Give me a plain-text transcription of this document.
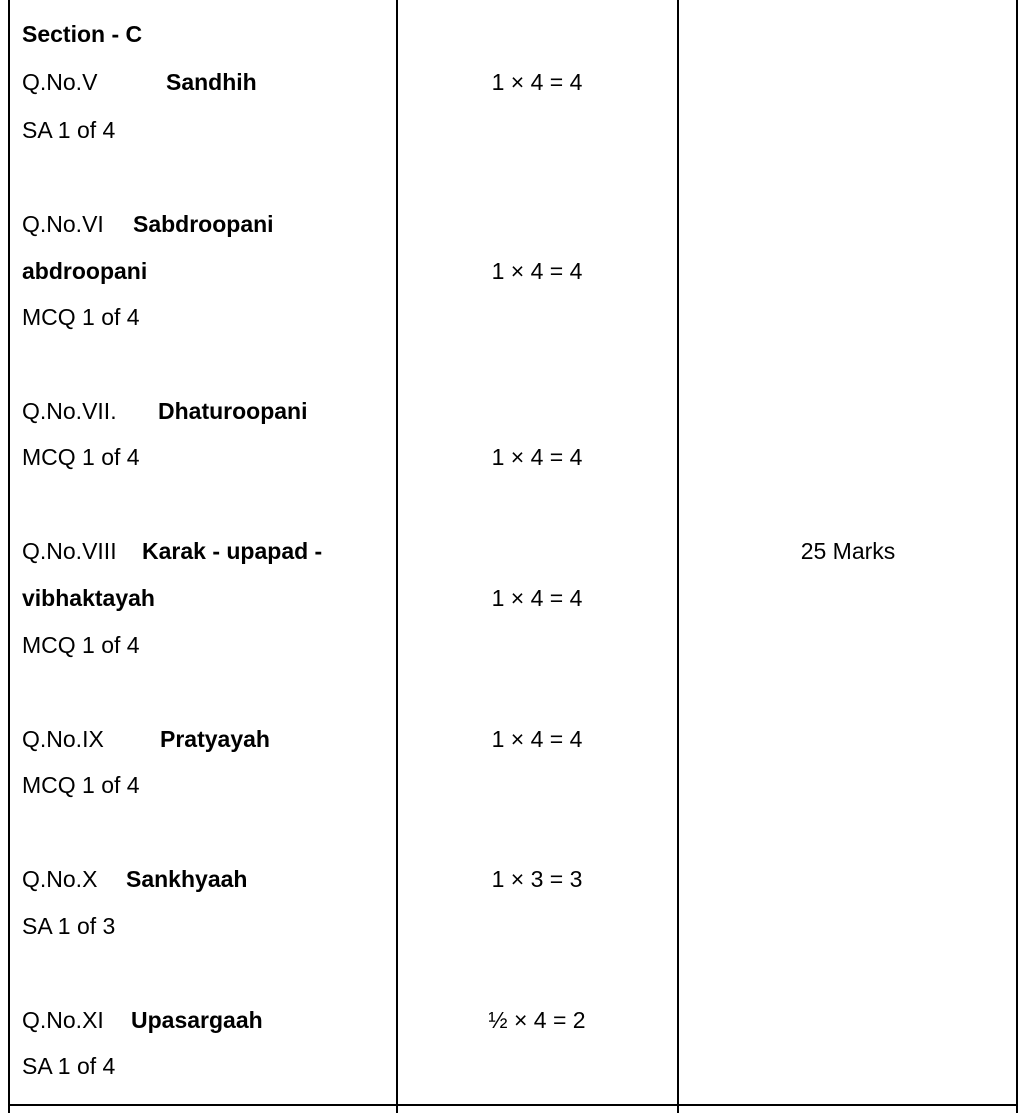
Section - C
Q.No.V	Sandhih
SA 1 of 4
1 × 4 = 4
Q.No.VI Sabdroopani
abdroopani
MCQ 1 of 4
1 × 4 = 4
Q.No.VII. Dhaturoopani
MCQ 1 of 4	1 × 4 = 4
Q.No.VIII Karak - upapad -
vibhaktayah
MCQ 1 of 4
1 × 4 = 4
Q.No.IX Pratyayah
MCQ 1 of 4
1 × 4 = 4
Q.No.X Sankhyaah
SA 1 of 3
1 × 3 = 3
Q.No.XI Upasargaah
SA 1 of 4
½ × 4 = 2
25 Marks
